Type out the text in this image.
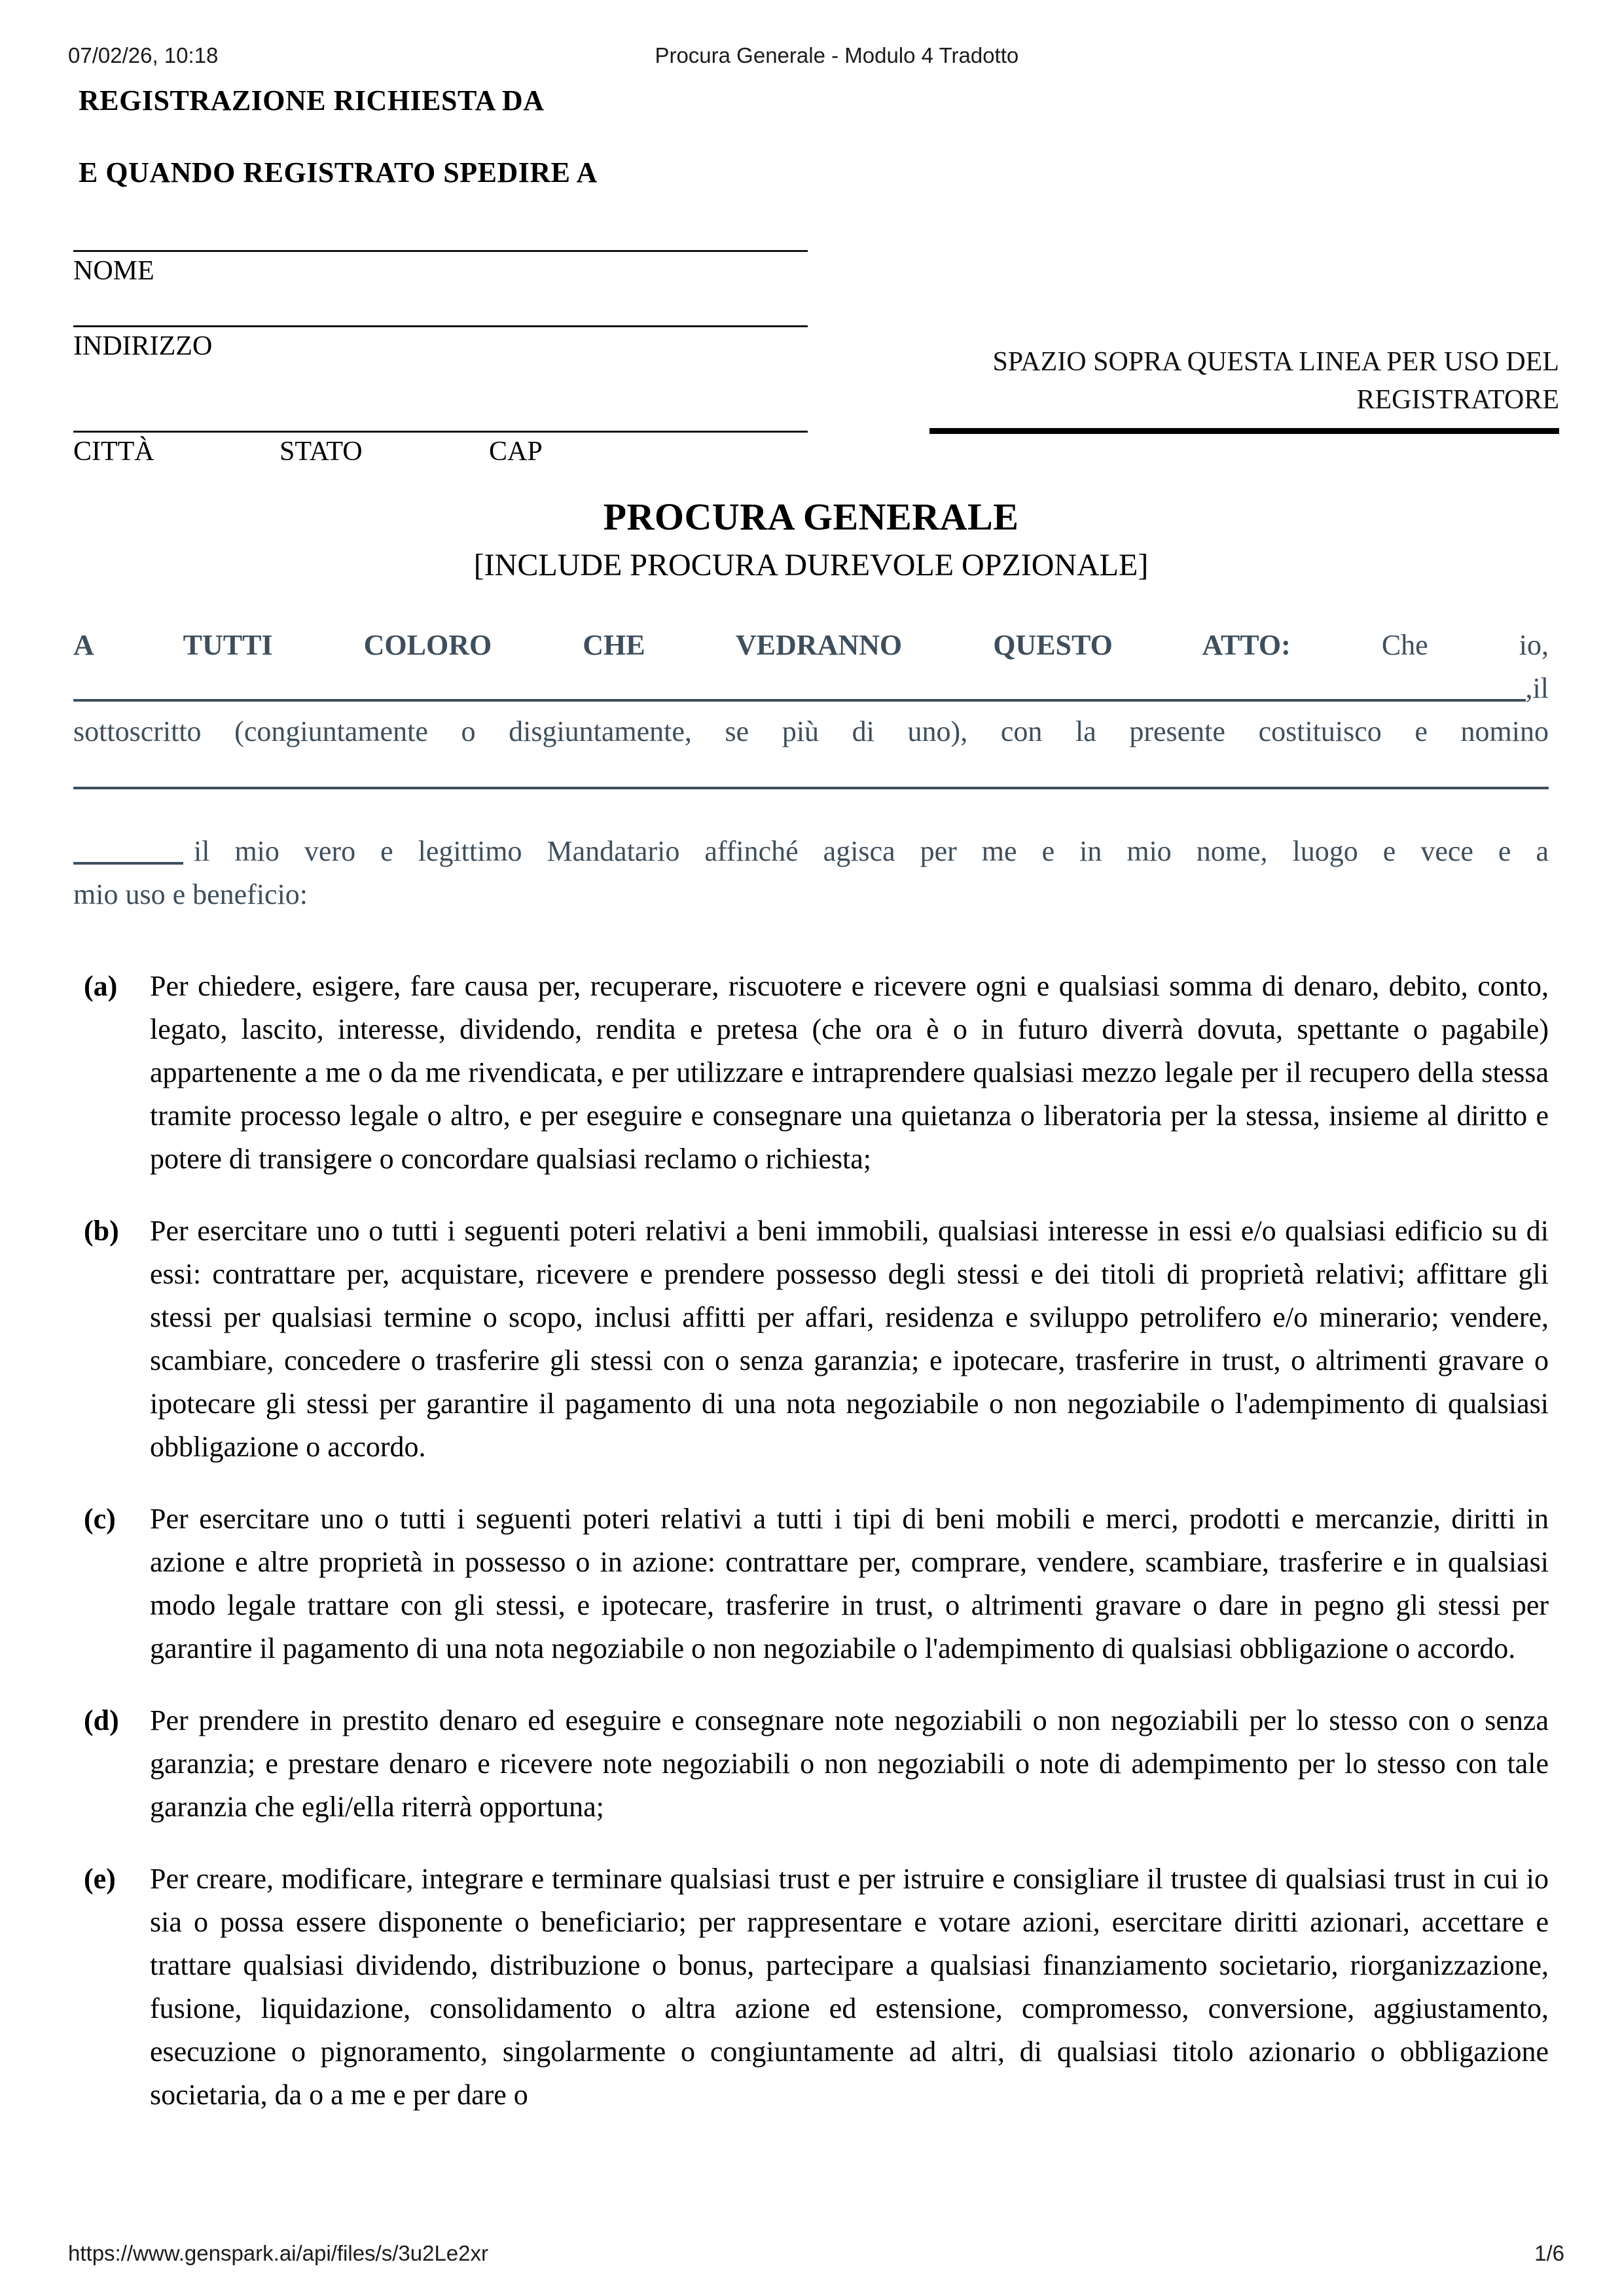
07/02/26, 10:18	Procura Generale - Modulo 4 Tradotto
SPAZIO SOPRA QUESTA LINEA PER USO DEL
REGISTRATORE
REGISTRAZIONE RICHIESTA DA
E QUANDO REGISTRATO SPEDIRE A
NOME
INDIRIZZO
CITTÀ	STATO	CAP
PROCURA GENERALE
[INCLUDE PROCURA DUREVOLE OPZIONALE]
A TUTTI COLORO CHE VEDRANNO QUESTO ATTO:	Che io,
, il
sottoscritto (congiuntamente o disgiuntamente, se più di uno), con la presente costituisco e nomino
il mio vero e legittimo Mandatario affinché agisca per me e in mio nome, luogo e vece e a
mio uso e beneficio:
(a)	Per chiedere, esigere, fare causa per, recuperare, riscuotere e ricevere ogni e qualsiasi somma di denaro, debito, conto, legato, lascito, interesse, dividendo, rendita e pretesa (che ora è o in futuro diverrà dovuta, spettante o pagabile) appartenente a me o da me rivendicata, e per utilizzare e intraprendere qualsiasi mezzo legale per il recupero della stessa tramite processo legale o altro, e per eseguire e consegnare una quietanza o liberatoria per la stessa, insieme al diritto e potere di transigere o concordare qualsiasi reclamo o richiesta;
(b)	Per esercitare uno o tutti i seguenti poteri relativi a beni immobili, qualsiasi interesse in essi e/o qualsiasi edificio su di essi: contrattare per, acquistare, ricevere e prendere possesso degli stessi e dei titoli di proprietà relativi; affittare gli stessi per qualsiasi termine o scopo, inclusi affitti per affari, residenza e sviluppo petrolifero e/o minerario; vendere, scambiare, concedere o trasferire gli stessi con o senza garanzia; e ipotecare, trasferire in trust, o altrimenti gravare o ipotecare gli stessi per garantire il pagamento di una nota negoziabile o non negoziabile o l'adempimento di qualsiasi obbligazione o accordo.
(c)	Per esercitare uno o tutti i seguenti poteri relativi a tutti i tipi di beni mobili e merci, prodotti e mercanzie, diritti in azione e altre proprietà in possesso o in azione: contrattare per, comprare, vendere, scambiare, trasferire e in qualsiasi modo legale trattare con gli stessi, e ipotecare, trasferire in trust, o altrimenti gravare o dare in pegno gli stessi per garantire il pagamento di una nota negoziabile o non negoziabile o l'adempimento di qualsiasi obbligazione o accordo.
(d)	Per prendere in prestito denaro ed eseguire e consegnare note negoziabili o non negoziabili per lo stesso con o senza garanzia; e prestare denaro e ricevere note negoziabili o non negoziabili o note di adempimento per lo stesso con tale garanzia che egli/ella riterrà opportuna;
(e)	Per creare, modificare, integrare e terminare qualsiasi trust e per istruire e consigliare il trustee di qualsiasi trust in cui io sia o possa essere disponente o beneficiario; per rappresentare e votare azioni, esercitare diritti azionari, accettare e trattare qualsiasi dividendo, distribuzione o bonus, partecipare a qualsiasi finanziamento societario, riorganizzazione, fusione, liquidazione, consolidamento o altra azione ed estensione, compromesso, conversione, aggiustamento, esecuzione o pignoramento, singolarmente o congiuntamente ad altri, di qualsiasi titolo azionario o obbligazione societaria, da o a me e per dare o
https://www.genspark.ai/api/files/s/3u2Le2xr	1/6
